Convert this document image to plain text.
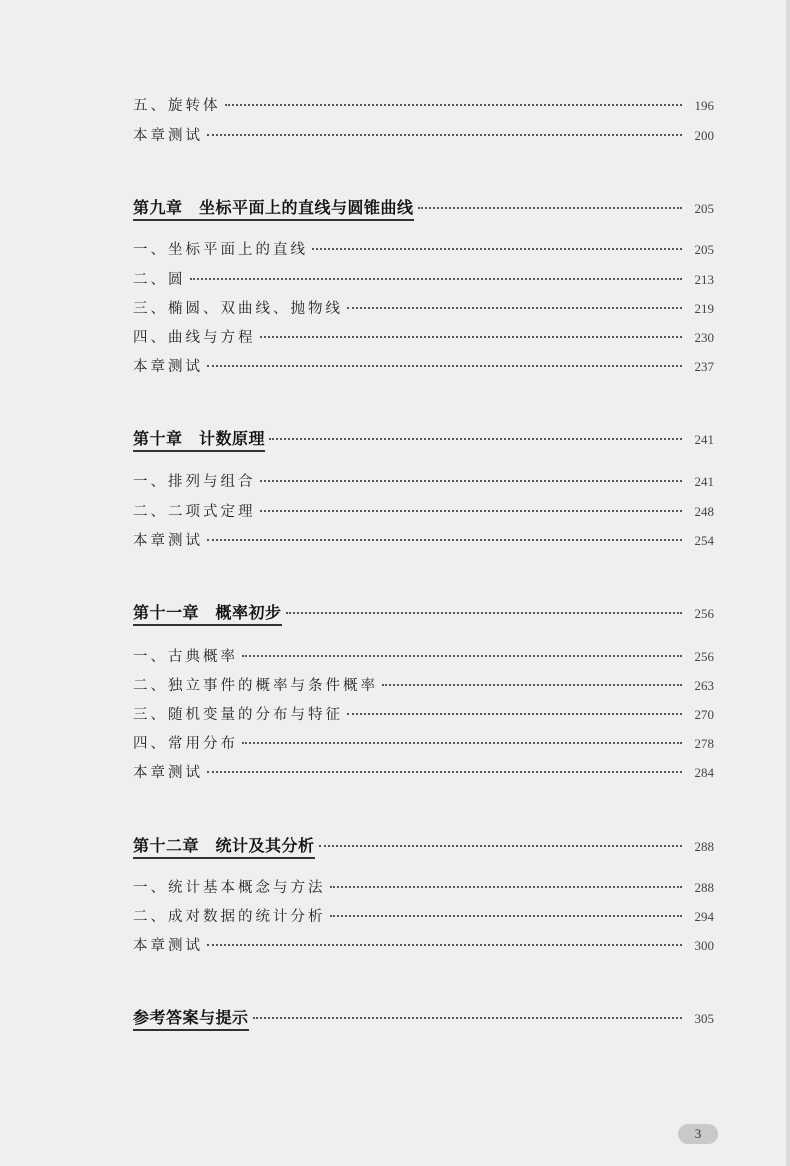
五、旋转体	196
本章测试	200
第九章　坐标平面上的直线与圆锥曲线	205
一、坐标平面上的直线	205
二、圆	213
三、椭圆、双曲线、抛物线	219
四、曲线与方程	230
本章测试	237
第十章　计数原理	241
一、排列与组合	241
二、二项式定理	248
本章测试	254
第十一章　概率初步	256
一、古典概率	256
二、独立事件的概率与条件概率	263
三、随机变量的分布与特征	270
四、常用分布	278
本章测试	284
第十二章　统计及其分析	288
一、统计基本概念与方法	288
二、成对数据的统计分析	294
本章测试	300
参考答案与提示	305
3
